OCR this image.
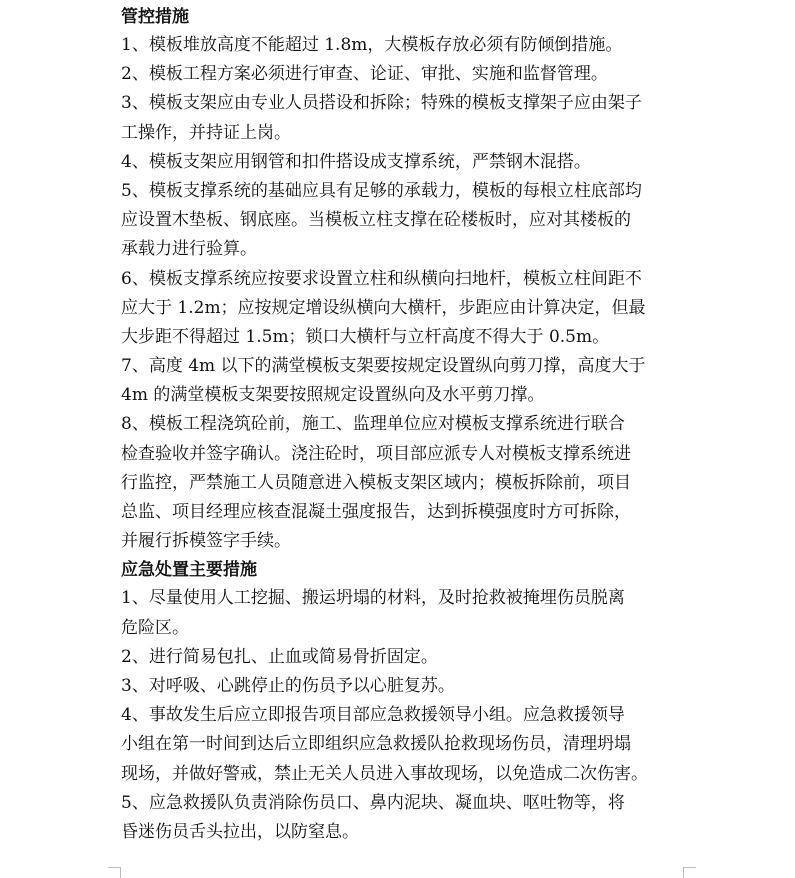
管控措施
1、模板堆放高度不能超过 1.8m，大模板存放必须有防倾倒措施。
2、模板工程方案必须进行审查、论证、审批、实施和监督管理。
3、模板支架应由专业人员搭设和拆除；特殊的模板支撑架子应由架子
工操作，并持证上岗。
4、模板支架应用钢管和扣件搭设成支撑系统，严禁钢木混搭。
5、模板支撑系统的基础应具有足够的承载力，模板的每根立柱底部均
应设置木垫板、钢底座。当模板立柱支撑在砼楼板时，应对其楼板的
承载力进行验算。
6、模板支撑系统应按要求设置立柱和纵横向扫地杆，模板立柱间距不
应大于 1.2m；应按规定增设纵横向大横杆，步距应由计算决定，但最
大步距不得超过 1.5m；锁口大横杆与立杆高度不得大于 0.5m。
7、高度 4m 以下的满堂模板支架要按规定设置纵向剪刀撑，高度大于
4m 的满堂模板支架要按照规定设置纵向及水平剪刀撑。
8、模板工程浇筑砼前，施工、监理单位应对模板支撑系统进行联合
检查验收并签字确认。浇注砼时，项目部应派专人对模板支撑系统进
行监控，严禁施工人员随意进入模板支架区域内；模板拆除前，项目
总监、项目经理应核查混凝土强度报告，达到拆模强度时方可拆除，
并履行拆模签字手续。
应急处置主要措施
1、尽量使用人工挖掘、搬运坍塌的材料，及时抢救被掩埋伤员脱离
危险区。
2、进行简易包扎、止血或简易骨折固定。
3、对呼吸、心跳停止的伤员予以心脏复苏。
4、事故发生后应立即报告项目部应急救援领导小组。应急救援领导
小组在第一时间到达后立即组织应急救援队抢救现场伤员，清理坍塌
现场，并做好警戒，禁止无关人员进入事故现场，以免造成二次伤害。
5、应急救援队负责消除伤员口、鼻内泥块、凝血块、呕吐物等，将
昏迷伤员舌头拉出，以防窒息。
